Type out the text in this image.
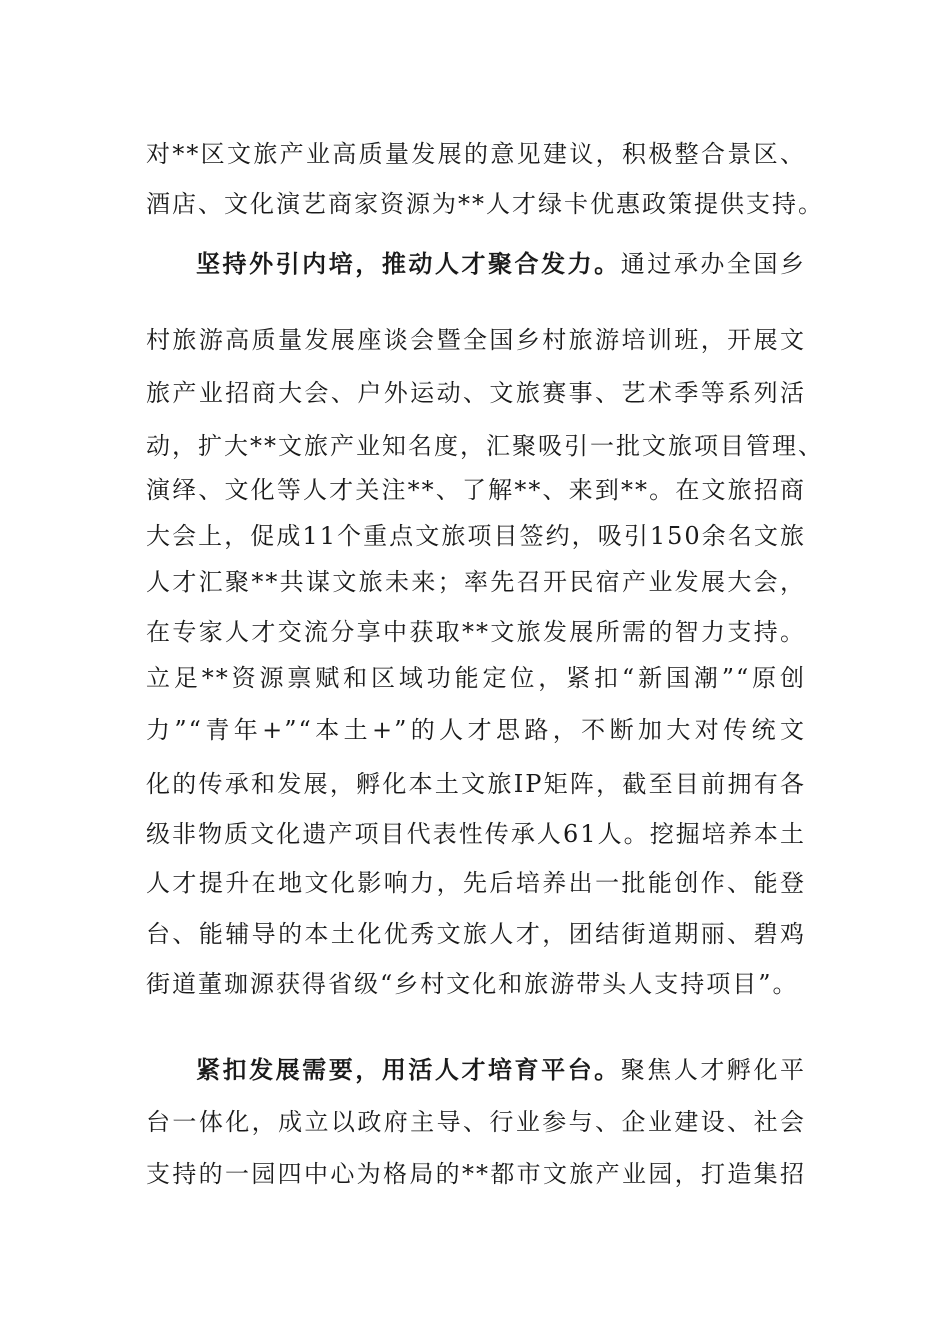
对**区文旅产业高质量发展的意见建议，积极整合景区、
酒店、文化演艺商家资源为**人才绿卡优惠政策提供支持。
坚持外引内培，推动人才聚合发力。通过承办全国乡
村旅游高质量发展座谈会暨全国乡村旅游培训班，开展文
旅产业招商大会、户外运动、文旅赛事、艺术季等系列活
动，扩大**文旅产业知名度，汇聚吸引一批文旅项目管理、
演绎、文化等人才关注**、了解**、来到**。在文旅招商
大会上，促成11个重点文旅项目签约，吸引150余名文旅
人才汇聚**共谋文旅未来；率先召开民宿产业发展大会，
在专家人才交流分享中获取**文旅发展所需的智力支持。
立足**资源禀赋和区域功能定位，紧扣“新国潮”“原创
力”“青年+”“本土+”的人才思路，不断加大对传统文
化的传承和发展，孵化本土文旅IP矩阵，截至目前拥有各
级非物质文化遗产项目代表性传承人61人。挖掘培养本土
人才提升在地文化影响力，先后培养出一批能创作、能登
台、能辅导的本土化优秀文旅人才，团结街道期丽、碧鸡
街道董珈源获得省级“乡村文化和旅游带头人支持项目”。
紧扣发展需要，用活人才培育平台。聚焦人才孵化平
台一体化，成立以政府主导、行业参与、企业建设、社会
支持的一园四中心为格局的**都市文旅产业园，打造集招
